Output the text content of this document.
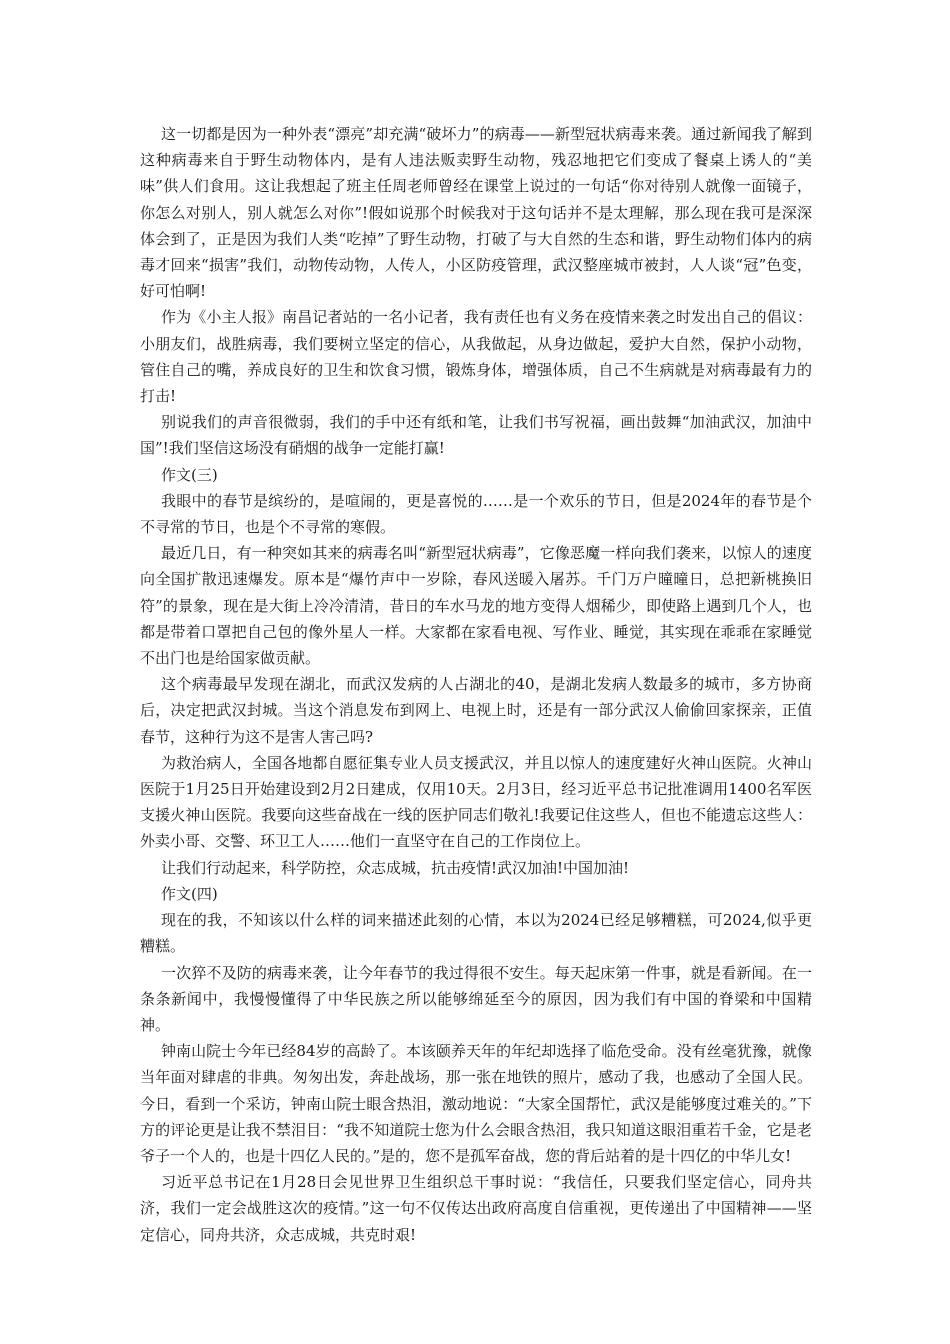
这一切都是因为一种外表“漂亮”却充满“破坏力”的病毒——新型冠状病毒来袭。通过新闻我了解到这种病毒来自于野生动物体内，是有人违法贩卖野生动物，残忍地把它们变成了餐桌上诱人的“美味”供人们食用。这让我想起了班主任周老师曾经在课堂上说过的一句话“你对待别人就像一面镜子，你怎么对别人，别人就怎么对你”!假如说那个时候我对于这句话并不是太理解，那么现在我可是深深体会到了，正是因为我们人类“吃掉”了野生动物，打破了与大自然的生态和谐，野生动物们体内的病毒才回来“损害”我们，动物传动物，人传人，小区防疫管理，武汉整座城市被封，人人谈“冠”色变，好可怕啊!

作为《小主人报》南昌记者站的一名小记者，我有责任也有义务在疫情来袭之时发出自己的倡议：小朋友们，战胜病毒，我们要树立坚定的信心，从我做起，从身边做起，爱护大自然，保护小动物，管住自己的嘴，养成良好的卫生和饮食习惯，锻炼身体，增强体质，自己不生病就是对病毒最有力的打击!

别说我们的声音很微弱，我们的手中还有纸和笔，让我们书写祝福，画出鼓舞“加油武汉，加油中国”!我们坚信这场没有硝烟的战争一定能打赢!

作文(三)

我眼中的春节是缤纷的，是喧闹的，更是喜悦的……是一个欢乐的节日，但是2024年的春节是个不寻常的节日，也是个不寻常的寒假。

最近几日，有一种突如其来的病毒名叫“新型冠状病毒”，它像恶魔一样向我们袭来，以惊人的速度向全国扩散迅速爆发。原本是“爆竹声中一岁除，春风送暖入屠苏。千门万户曈曈日，总把新桃换旧符”的景象，现在是大街上冷冷清清，昔日的车水马龙的地方变得人烟稀少，即使路上遇到几个人，也都是带着口罩把自己包的像外星人一样。大家都在家看电视、写作业、睡觉，其实现在乖乖在家睡觉不出门也是给国家做贡献。

这个病毒最早发现在湖北，而武汉发病的人占湖北的40，是湖北发病人数最多的城市，多方协商后，决定把武汉封城。当这个消息发布到网上、电视上时，还是有一部分武汉人偷偷回家探亲，正值春节，这种行为这不是害人害己吗?

为救治病人，全国各地都自愿征集专业人员支援武汉，并且以惊人的速度建好火神山医院。火神山医院于1月25日开始建设到2月2日建成，仅用10天。2月3日，经习近平总书记批准调用1400名军医支援火神山医院。我要向这些奋战在一线的医护同志们敬礼!我要记住这些人，但也不能遗忘这些人：外卖小哥、交警、环卫工人……他们一直坚守在自己的工作岗位上。

让我们行动起来，科学防控，众志成城，抗击疫情!武汉加油!中国加油!

作文(四)

现在的我，不知该以什么样的词来描述此刻的心情，本以为2024已经足够糟糕，可2024,似乎更糟糕。

一次猝不及防的病毒来袭，让今年春节的我过得很不安生。每天起床第一件事，就是看新闻。在一条条新闻中，我慢慢懂得了中华民族之所以能够绵延至今的原因，因为我们有中国的脊梁和中国精神。

钟南山院士今年已经84岁的高龄了。本该颐养天年的年纪却选择了临危受命。没有丝毫犹豫，就像当年面对肆虐的非典。匆匆出发，奔赴战场，那一张在地铁的照片，感动了我，也感动了全国人民。今日，看到一个采访，钟南山院士眼含热泪，激动地说：“大家全国帮忙，武汉是能够度过难关的。”下方的评论更是让我不禁泪目：“我不知道院士您为什么会眼含热泪，我只知道这眼泪重若千金，它是老爷子一个人的，也是十四亿人民的。”是的，您不是孤军奋战，您的背后站着的是十四亿的中华儿女!

习近平总书记在1月28日会见世界卫生组织总干事时说：“我信任，只要我们坚定信心，同舟共济，我们一定会战胜这次的疫情。”这一句不仅传达出政府高度自信重视，更传递出了中国精神——坚定信心，同舟共济，众志成城，共克时艰!
